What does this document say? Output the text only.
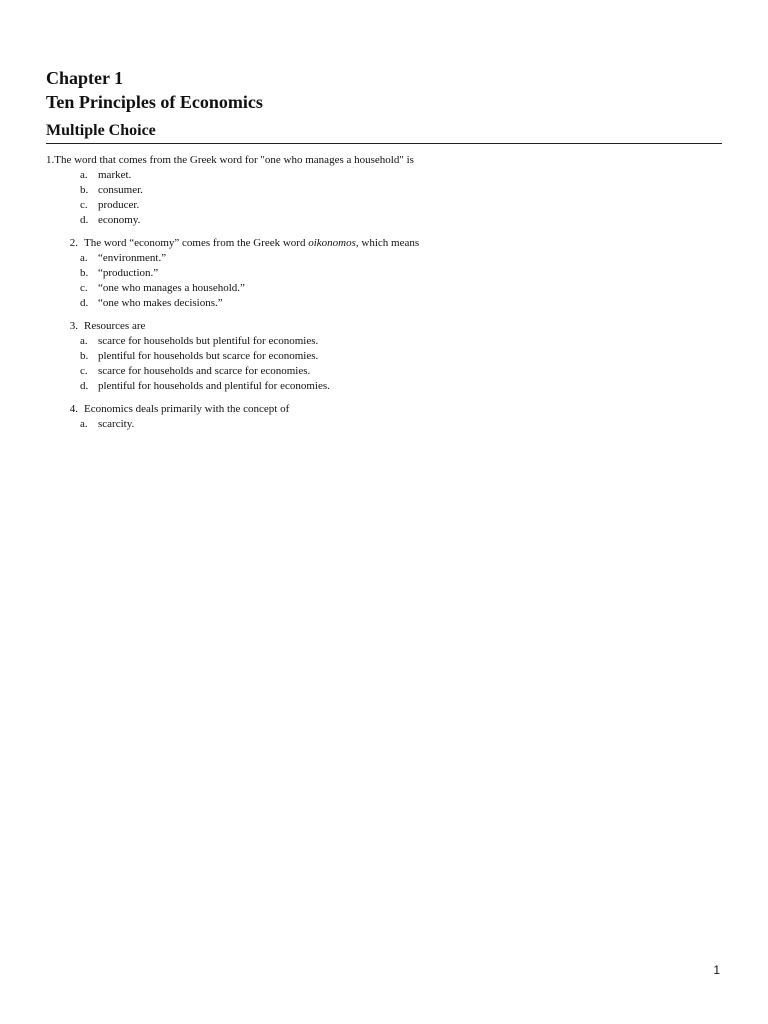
Chapter 1
Ten Principles of Economics
Multiple Choice
1. The word that comes from the Greek word for "one who manages a household" is
a. market.
b. consumer.
c. producer.
d. economy.
2. The word “economy” comes from the Greek word oikonomos, which means
a. “environment.”
b. “production.”
c. “one who manages a household.”
d. “one who makes decisions.”
3. Resources are
a. scarce for households but plentiful for economies.
b. plentiful for households but scarce for economies.
c. scarce for households and scarce for economies.
d. plentiful for households and plentiful for economies.
4. Economics deals primarily with the concept of
a. scarcity.
1
